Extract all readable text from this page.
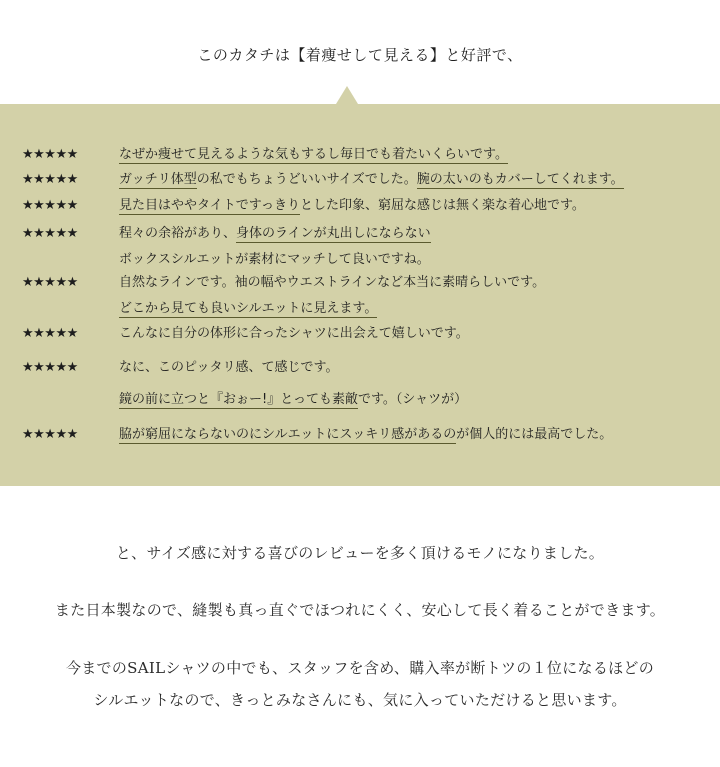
このカタチは【着痩せして見える】と好評で、
★★★★★	なぜか痩せて見えるような気もするし毎日でも着たいくらいです。
★★★★★	ガッチリ体型の私でもちょうどいいサイズでした。腕の太いのもカバーしてくれます。
★★★★★	見た目はややタイトですっきりとした印象、窮屈な感じは無く楽な着心地です。
★★★★★	程々の余裕があり、身体のラインが丸出しにならない
ボックスシルエットが素材にマッチして良いですね。
★★★★★	自然なラインです。袖の幅やウエストラインなど本当に素晴らしいです。
どこから見ても良いシルエットに見えます。
★★★★★	こんなに自分の体形に合ったシャツに出会えて嬉しいです。
★★★★★	なに、このピッタリ感、て感じです。
鏡の前に立つと『おぉー!』とっても素敵です。（シャツが）
★★★★★	脇が窮屈にならないのにシルエットにスッキリ感があるのが個人的には最高でした。
と、サイズ感に対する喜びのレビューを多く頂けるモノになりました。
また日本製なので、縫製も真っ直ぐでほつれにくく、安心して長く着ることができます。
今までのSAILシャツの中でも、スタッフを含め、購入率が断トツの１位になるほどの
シルエットなので、きっとみなさんにも、気に入っていただけると思います。
